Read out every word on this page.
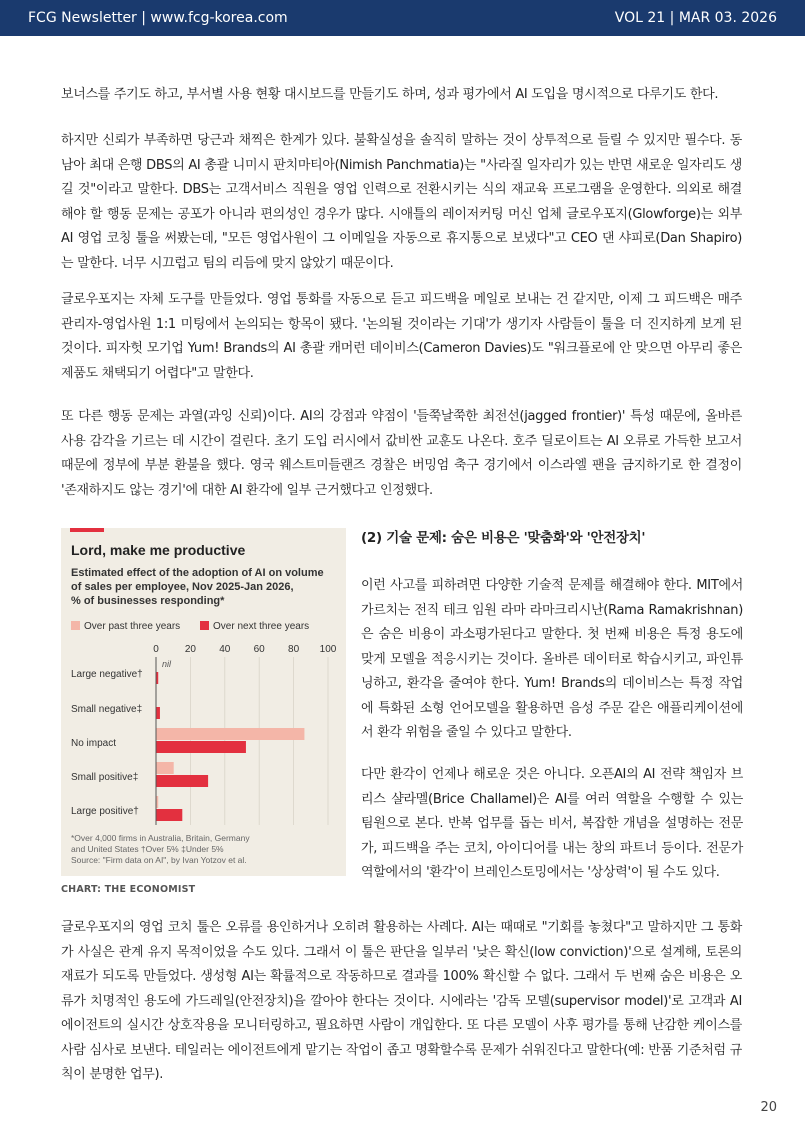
FCG Newsletter | www.fcg-korea.com	VOL 21 | MAR 03. 2026

보너스를 주기도 하고, 부서별 사용 현황 대시보드를 만들기도 하며, 성과 평가에서 AI 도입을 명시적으로 다루기도 한다.

하지만 신뢰가 부족하면 당근과 채찍은 한계가 있다. 불확실성을 솔직히 말하는 것이 상투적으로 들릴 수 있지만 필수다. 동남아 최대 은행 DBS의 AI 총괄 니미시 판치마티아(Nimish Panchmatia)는 "사라질 일자리가 있는 반면 새로운 일자리도 생길 것"이라고 말한다. DBS는 고객서비스 직원을 영업 인력으로 전환시키는 식의 재교육 프로그램을 운영한다. 의외로 해결해야 할 행동 문제는 공포가 아니라 편의성인 경우가 많다. 시애틀의 레이저커팅 머신 업체 글로우포지(Glowforge)는 외부 AI 영업 코칭 툴을 써봤는데, "모든 영업사원이 그 이메일을 자동으로 휴지통으로 보냈다"고 CEO 댄 샤피로(Dan Shapiro)는 말한다. 너무 시끄럽고 팀의 리듬에 맞지 않았기 때문이다.

글로우포지는 자체 도구를 만들었다. 영업 통화를 자동으로 듣고 피드백을 메일로 보내는 건 같지만, 이제 그 피드백은 매주 관리자-영업사원 1:1 미팅에서 논의되는 항목이 됐다. '논의될 것이라는 기대'가 생기자 사람들이 툴을 더 진지하게 보게 된 것이다. 피자헛 모기업 Yum! Brands의 AI 총괄 캐머런 데이비스(Cameron Davies)도 "워크플로에 안 맞으면 아무리 좋은 제품도 채택되기 어렵다"고 말한다.

또 다른 행동 문제는 과열(과잉 신뢰)이다. AI의 강점과 약점이 '들쭉날쭉한 최전선(jagged frontier)' 특성 때문에, 올바른 사용 감각을 기르는 데 시간이 걸린다. 초기 도입 러시에서 값비싼 교훈도 나온다. 호주 딜로이트는 AI 오류로 가득한 보고서 때문에 정부에 부분 환불을 했다. 영국 웨스트미들랜즈 경찰은 버밍엄 축구 경기에서 이스라엘 팬을 금지하기로 한 결정이 '존재하지도 않는 경기'에 대한 AI 환각에 일부 근거했다고 인정했다.

Lord, make me productive
Estimated effect of the adoption of AI on volume
of sales per employee, Nov 2025-Jan 2026,
% of businesses responding*
Over past three years	Over next three years
0	20 40 60 80 100
Large negative†
Small negative‡
No impact
Small positive‡
Large positive†
nil
*Over 4,000 firms in Australia, Britain, Germany
and United States †Over 5% ‡Under 5%
Source: "Firm data on AI", by Ivan Yotzov et al.
CHART: THE ECONOMIST
(2) 기술 문제: 숨은 비용은 '맞춤화'와 '안전장치'

이런 사고를 피하려면 다양한 기술적 문제를 해결해야 한다. MIT에서 가르치는 전직 테크 임원 라마 라마크리시난(Rama Ramakrishnan)은 숨은 비용이 과소평가된다고 말한다. 첫 번째 비용은 특정 용도에 맞게 모델을 적응시키는 것이다. 올바른 데이터로 학습시키고, 파인튜닝하고, 환각을 줄여야 한다. Yum! Brands의 데이비스는 특정 작업에 특화된 소형 언어모델을 활용하면 음성 주문 같은 애플리케이션에서 환각 위험을 줄일 수 있다고 말한다.

다만 환각이 언제나 해로운 것은 아니다. 오픈AI의 AI 전략 책임자 브리스 샬라멜(Brice Challamel)은 AI를 여러 역할을 수행할 수 있는 팀원으로 본다. 반복 업무를 돕는 비서, 복잡한 개념을 설명하는 전문가, 피드백을 주는 코치, 아이디어를 내는 창의 파트너 등이다. 전문가 역할에서의 '환각'이 브레인스토밍에서는 '상상력'이 될 수도 있다.

글로우포지의 영업 코치 툴은 오류를 용인하거나 오히려 활용하는 사례다. AI는 때때로 "기회를 놓쳤다"고 말하지만 그 통화가 사실은 관계 유지 목적이었을 수도 있다. 그래서 이 툴은 판단을 일부러 '낮은 확신(low conviction)'으로 설계해, 토론의 재료가 되도록 만들었다. 생성형 AI는 확률적으로 작동하므로 결과를 100% 확신할 수 없다. 그래서 두 번째 숨은 비용은 오류가 치명적인 용도에 가드레일(안전장치)을 깔아야 한다는 것이다. 시에라는 '감독 모델(supervisor model)'로 고객과 AI 에이전트의 실시간 상호작용을 모니터링하고, 필요하면 사람이 개입한다. 또 다른 모델이 사후 평가를 통해 난감한 케이스를 사람 심사로 보낸다. 테일러는 에이전트에게 맡기는 작업이 좁고 명확할수록 문제가 쉬워진다고 말한다(예: 반품 기준처럼 규칙이 분명한 업무).

20
